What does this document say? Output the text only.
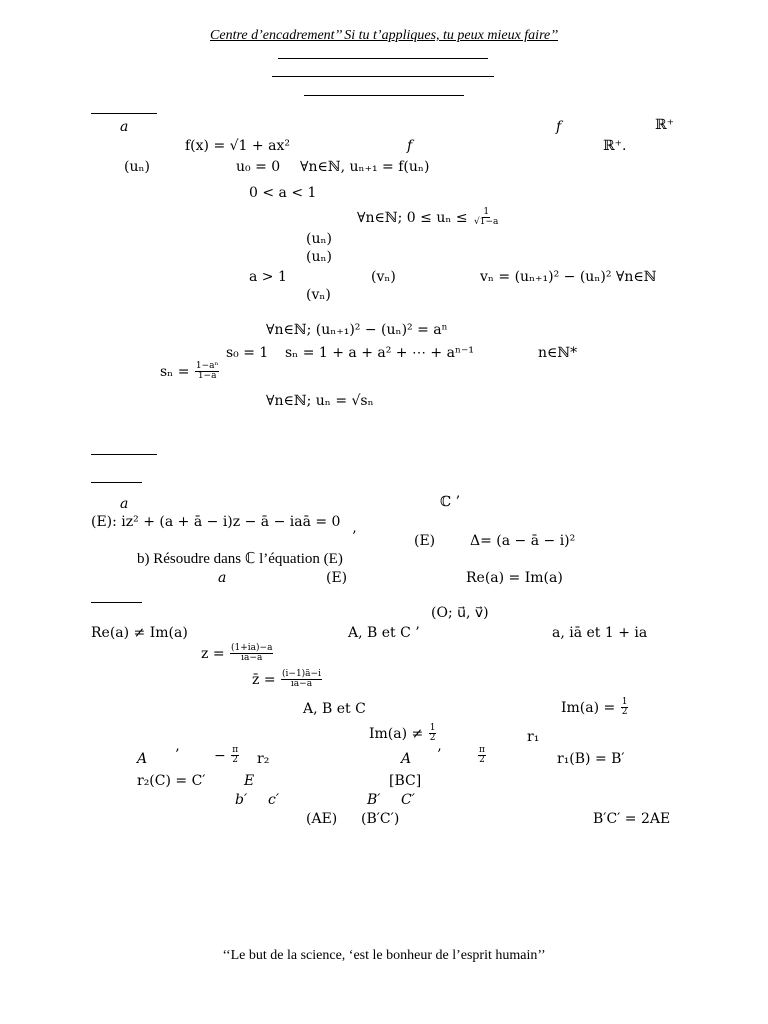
Centre d’encadrement’’ Si tu t’appliques, tu peux mieux faire’’
a	f	ℝ⁺
f(x) = √1 + ax²	f	ℝ⁺.
(uₙ)	u₀ = 0 ∀n∈ℕ, uₙ₊₁ = f(uₙ)
0 < a < 1
∀n∈ℕ; $0 \le u_n \le \frac{1}{√1-a}$
(uₙ)
(uₙ)
a > 1	(vₙ)	vₙ = (uₙ₊₁)² − (uₙ)² ∀n∈ℕ
(vₙ)
∀n∈ℕ; (uₙ₊₁)² − (uₙ)² = aⁿ
s₀ = 1 sₙ = 1 + a + a² + ⋯ + aⁿ⁻¹	n∈ℕ*
$s_n = \frac{\text{1−aⁿ}}{1-a}$
∀n∈ℕ; uₙ = √sₙ
a	ℂ ’
(E): iz² + (a + ā − i)z − ā − iaā = 0
’	(E) Δ= (a − ā − i)²
b) Résoudre dans ℂ l’équation (E)
a	(E)	Re(a) = Im(a)
(O; u⃗, v⃗)
Re(a) ≠ Im(a)	A, B et C ’	a, iā et 1 + ia
$z = \frac{(1+ia)-a}{iā-a}$
z̄ = $\frac{(i-1)ā-i}{iā-a}$
A, B et C	$Im(a) = \frac{1}{2}$
$Im(a) \ne \frac{1}{2}$	r₁
A ’ − $\frac{\pi}{2} r_2$	A ’	$\frac{\pi}{2}$	r₁(B) = B′
r₂(C) = C′	E	[BC]
b′ c′	B′ C′
(AE) (B′C′)	B′C′ = 2AE
‘‘Le but de la science, ‘est le bonheur de l’esprit humain’’
